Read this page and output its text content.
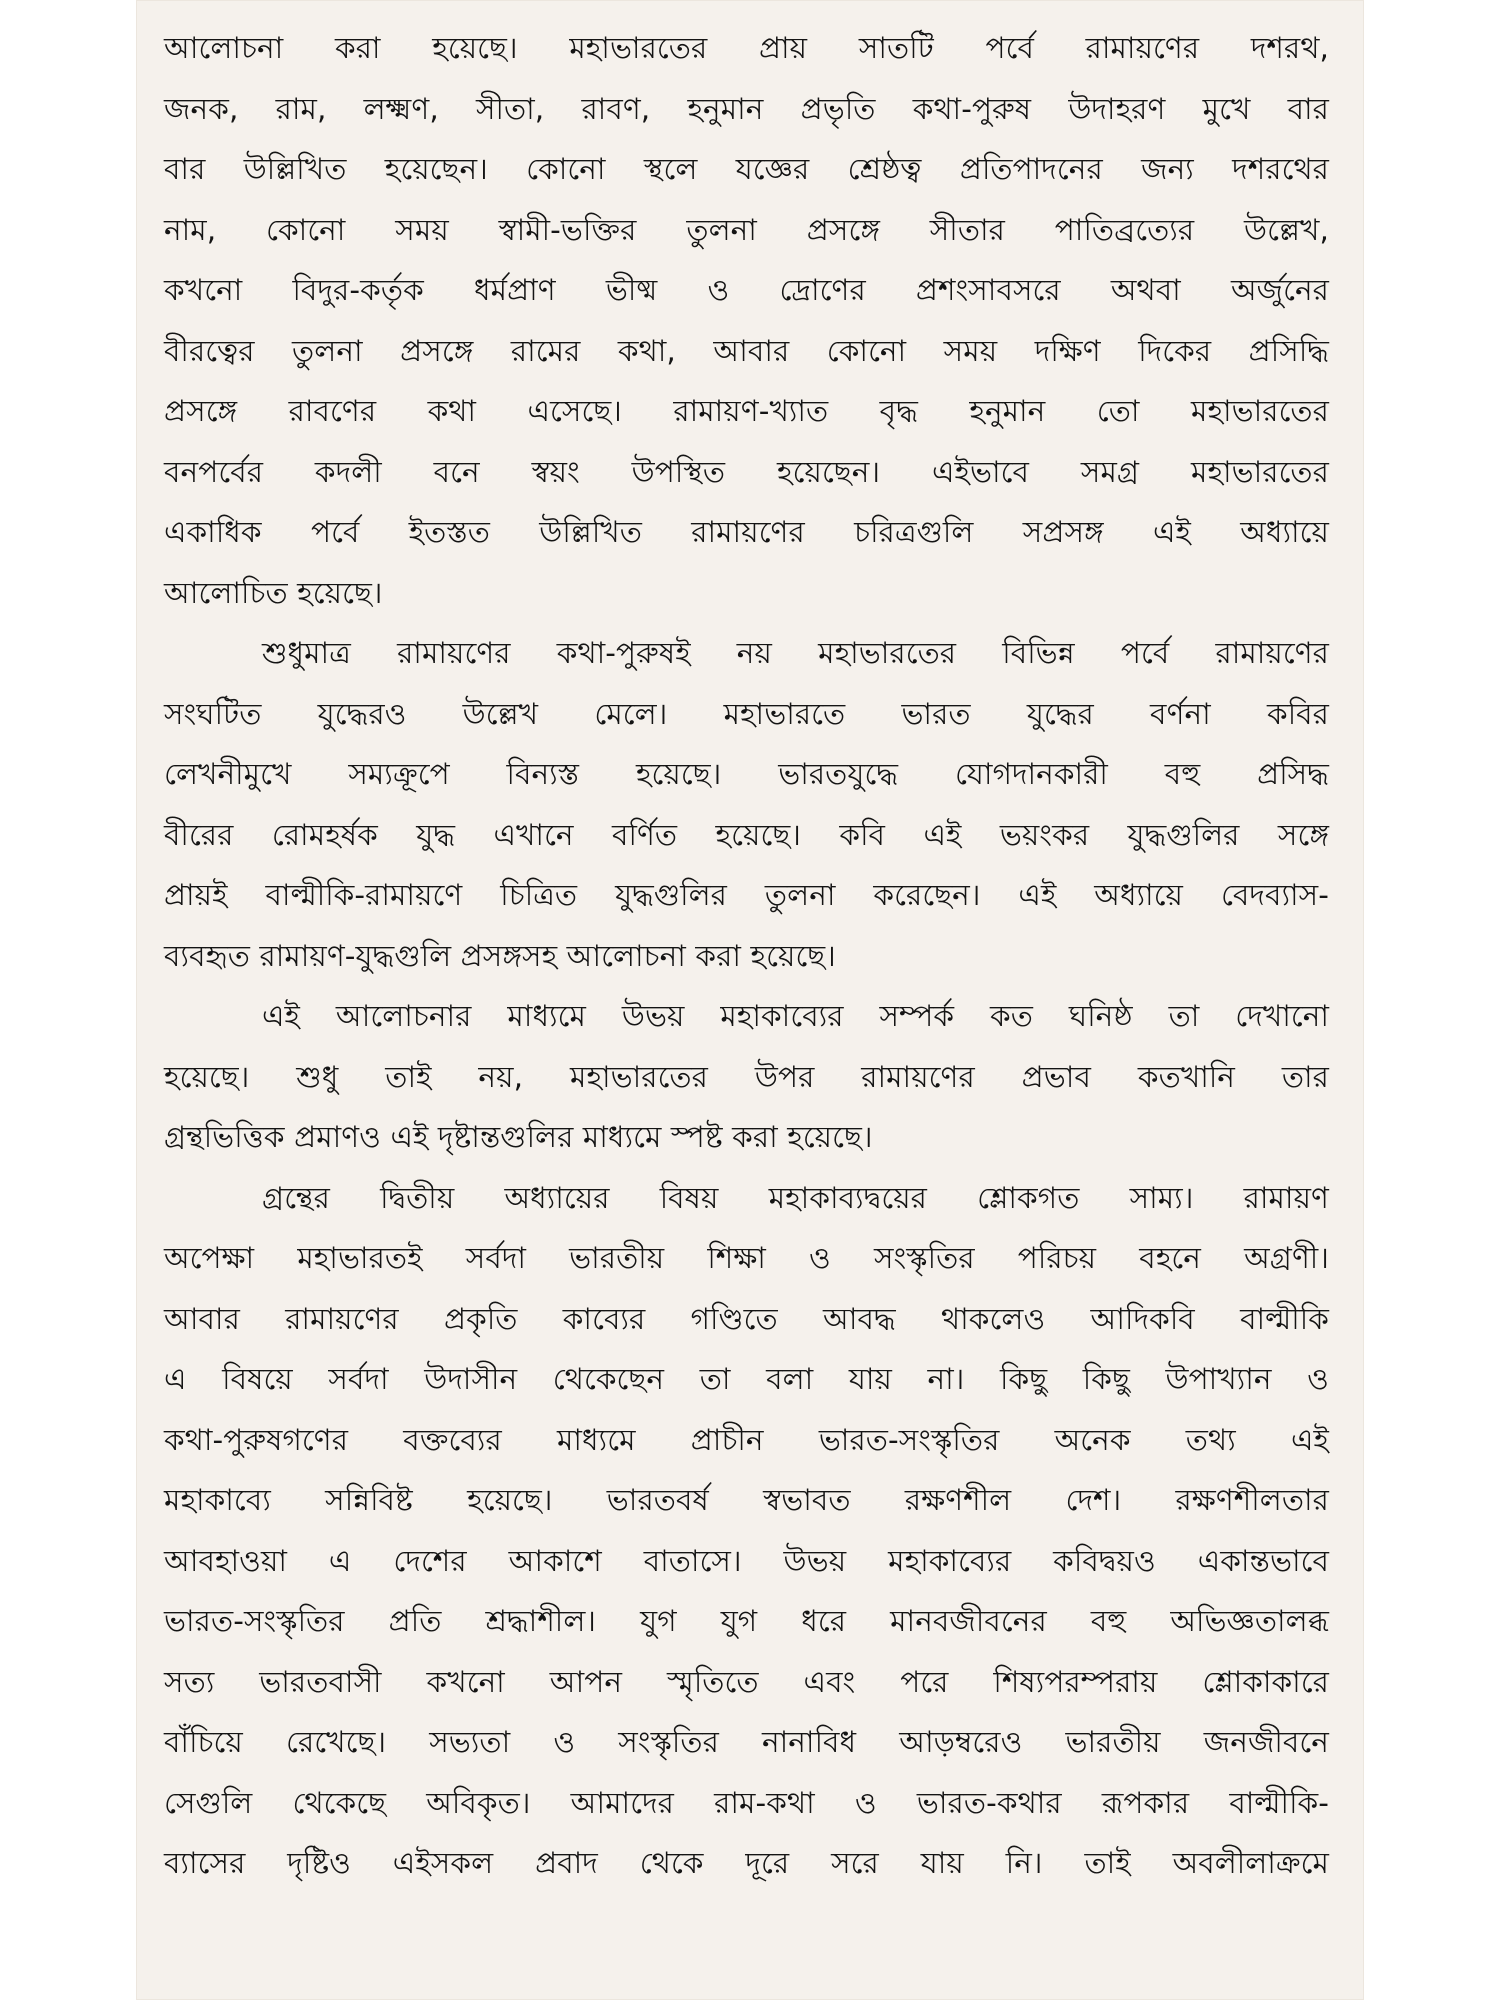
আলোচনা করা হয়েছে। মহাভারতের প্রায় সাতটি পর্বে রামায়ণের দশরথ,
জনক, রাম, লক্ষ্মণ, সীতা, রাবণ, হনুমান প্রভৃতি কথা-পুরুষ উদাহরণ মুখে বার
বার উল্লিখিত হয়েছেন। কোনো স্থলে যজ্ঞের শ্রেষ্ঠত্ব প্রতিপাদনের জন্য দশরথের
নাম, কোনো সময় স্বামী-ভক্তির তুলনা প্রসঙ্গে সীতার পাতিব্রত্যের উল্লেখ,
কখনো বিদুর-কর্তৃক ধর্মপ্রাণ ভীষ্ম ও দ্রোণের প্রশংসাবসরে অথবা অর্জুনের
বীরত্বের তুলনা প্রসঙ্গে রামের কথা, আবার কোনো সময় দক্ষিণ দিকের প্রসিদ্ধি
প্রসঙ্গে রাবণের কথা এসেছে। রামায়ণ-খ্যাত বৃদ্ধ হনুমান তো মহাভারতের
বনপর্বের কদলী বনে স্বয়ং উপস্থিত হয়েছেন। এইভাবে সমগ্র মহাভারতের
একাধিক পর্বে ইতস্তত উল্লিখিত রামায়ণের চরিত্রগুলি সপ্রসঙ্গ এই অধ্যায়ে
আলোচিত হয়েছে।

শুধুমাত্র রামায়ণের কথা-পুরুষই নয় মহাভারতের বিভিন্ন পর্বে রামায়ণের
সংঘটিত যুদ্ধেরও উল্লেখ মেলে। মহাভারতে ভারত যুদ্ধের বর্ণনা কবির
লেখনীমুখে সম্যক্রূপে বিন্যস্ত হয়েছে। ভারতযুদ্ধে যোগদানকারী বহু প্রসিদ্ধ
বীরের রোমহর্ষক যুদ্ধ এখানে বর্ণিত হয়েছে। কবি এই ভয়ংকর যুদ্ধগুলির সঙ্গে
প্রায়ই বাল্মীকি-রামায়ণে চিত্রিত যুদ্ধগুলির তুলনা করেছেন। এই অধ্যায়ে বেদব্যাস-
ব্যবহৃত রামায়ণ-যুদ্ধগুলি প্রসঙ্গসহ আলোচনা করা হয়েছে।

এই আলোচনার মাধ্যমে উভয় মহাকাব্যের সম্পর্ক কত ঘনিষ্ঠ তা দেখানো
হয়েছে। শুধু তাই নয়, মহাভারতের উপর রামায়ণের প্রভাব কতখানি তার
গ্রন্থভিত্তিক প্রমাণও এই দৃষ্টান্তগুলির মাধ্যমে স্পষ্ট করা হয়েছে।

গ্রন্থের দ্বিতীয় অধ্যায়ের বিষয় মহাকাব্যদ্বয়ের শ্লোকগত সাম্য। রামায়ণ
অপেক্ষা মহাভারতই সর্বদা ভারতীয় শিক্ষা ও সংস্কৃতির পরিচয় বহনে অগ্রণী।
আবার রামায়ণের প্রকৃতি কাব্যের গণ্ডিতে আবদ্ধ থাকলেও আদিকবি বাল্মীকি
এ বিষয়ে সর্বদা উদাসীন থেকেছেন তা বলা যায় না। কিছু কিছু উপাখ্যান ও
কথা-পুরুষগণের বক্তব্যের মাধ্যমে প্রাচীন ভারত-সংস্কৃতির অনেক তথ্য এই
মহাকাব্যে সন্নিবিষ্ট হয়েছে। ভারতবর্ষ স্বভাবত রক্ষণশীল দেশ। রক্ষণশীলতার
আবহাওয়া এ দেশের আকাশে বাতাসে। উভয় মহাকাব্যের কবিদ্বয়ও একান্তভাবে
ভারত-সংস্কৃতির প্রতি শ্রদ্ধাশীল। যুগ যুগ ধরে মানবজীবনের বহু অভিজ্ঞতালব্ধ
সত্য ভারতবাসী কখনো আপন স্মৃতিতে এবং পরে শিষ্যপরম্পরায় শ্লোকাকারে
বাঁচিয়ে রেখেছে। সভ্যতা ও সংস্কৃতির নানাবিধ আড়ম্বরেও ভারতীয় জনজীবনে
সেগুলি থেকেছে অবিকৃত। আমাদের রাম-কথা ও ভারত-কথার রূপকার বাল্মীকি-
ব্যাসের দৃষ্টিও এইসকল প্রবাদ থেকে দূরে সরে যায় নি। তাই অবলীলাক্রমে
